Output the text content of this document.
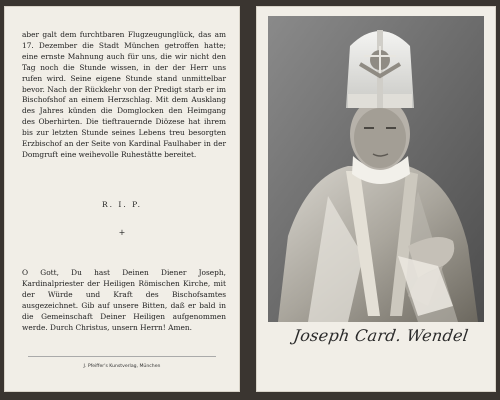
aber galt dem furchtbaren Flugzeugunglück, das am 17. Dezember die Stadt München getroffen hatte; eine ernste Mahnung auch für uns, die wir nicht den Tag noch die Stunde wissen, in der der Herr uns rufen wird. Seine eigene Stunde stand unmittelbar bevor. Nach der Rückkehr von der Predigt starb er im Bischofshof an einem Herzschlag. Mit dem Ausklang des Jahres künden die Domglocken den Heimgang des Oberhirten. Die tieftrauernde Diözese hat ihrem bis zur letzten Stunde seines Lebens treu besorgten Erzbischof an der Seite von Kardinal Faulhaber in der Domgruft eine weihevolle Ruhestätte bereitet.
R. I. P.
+
O Gott, Du hast Deinen Diener Joseph, Kardinalpriester der Heiligen Römischen Kirche, mit der Würde und Kraft des Bischofsamtes ausgezeichnet. Gib auf unsere Bitten, daß er bald in die Gemeinschaft Deiner Heiligen aufgenommen werde. Durch Christus, unsern Herrn! Amen.
J. Pfeiffer's Kunstverlag, München
Joseph Card. Wendel
